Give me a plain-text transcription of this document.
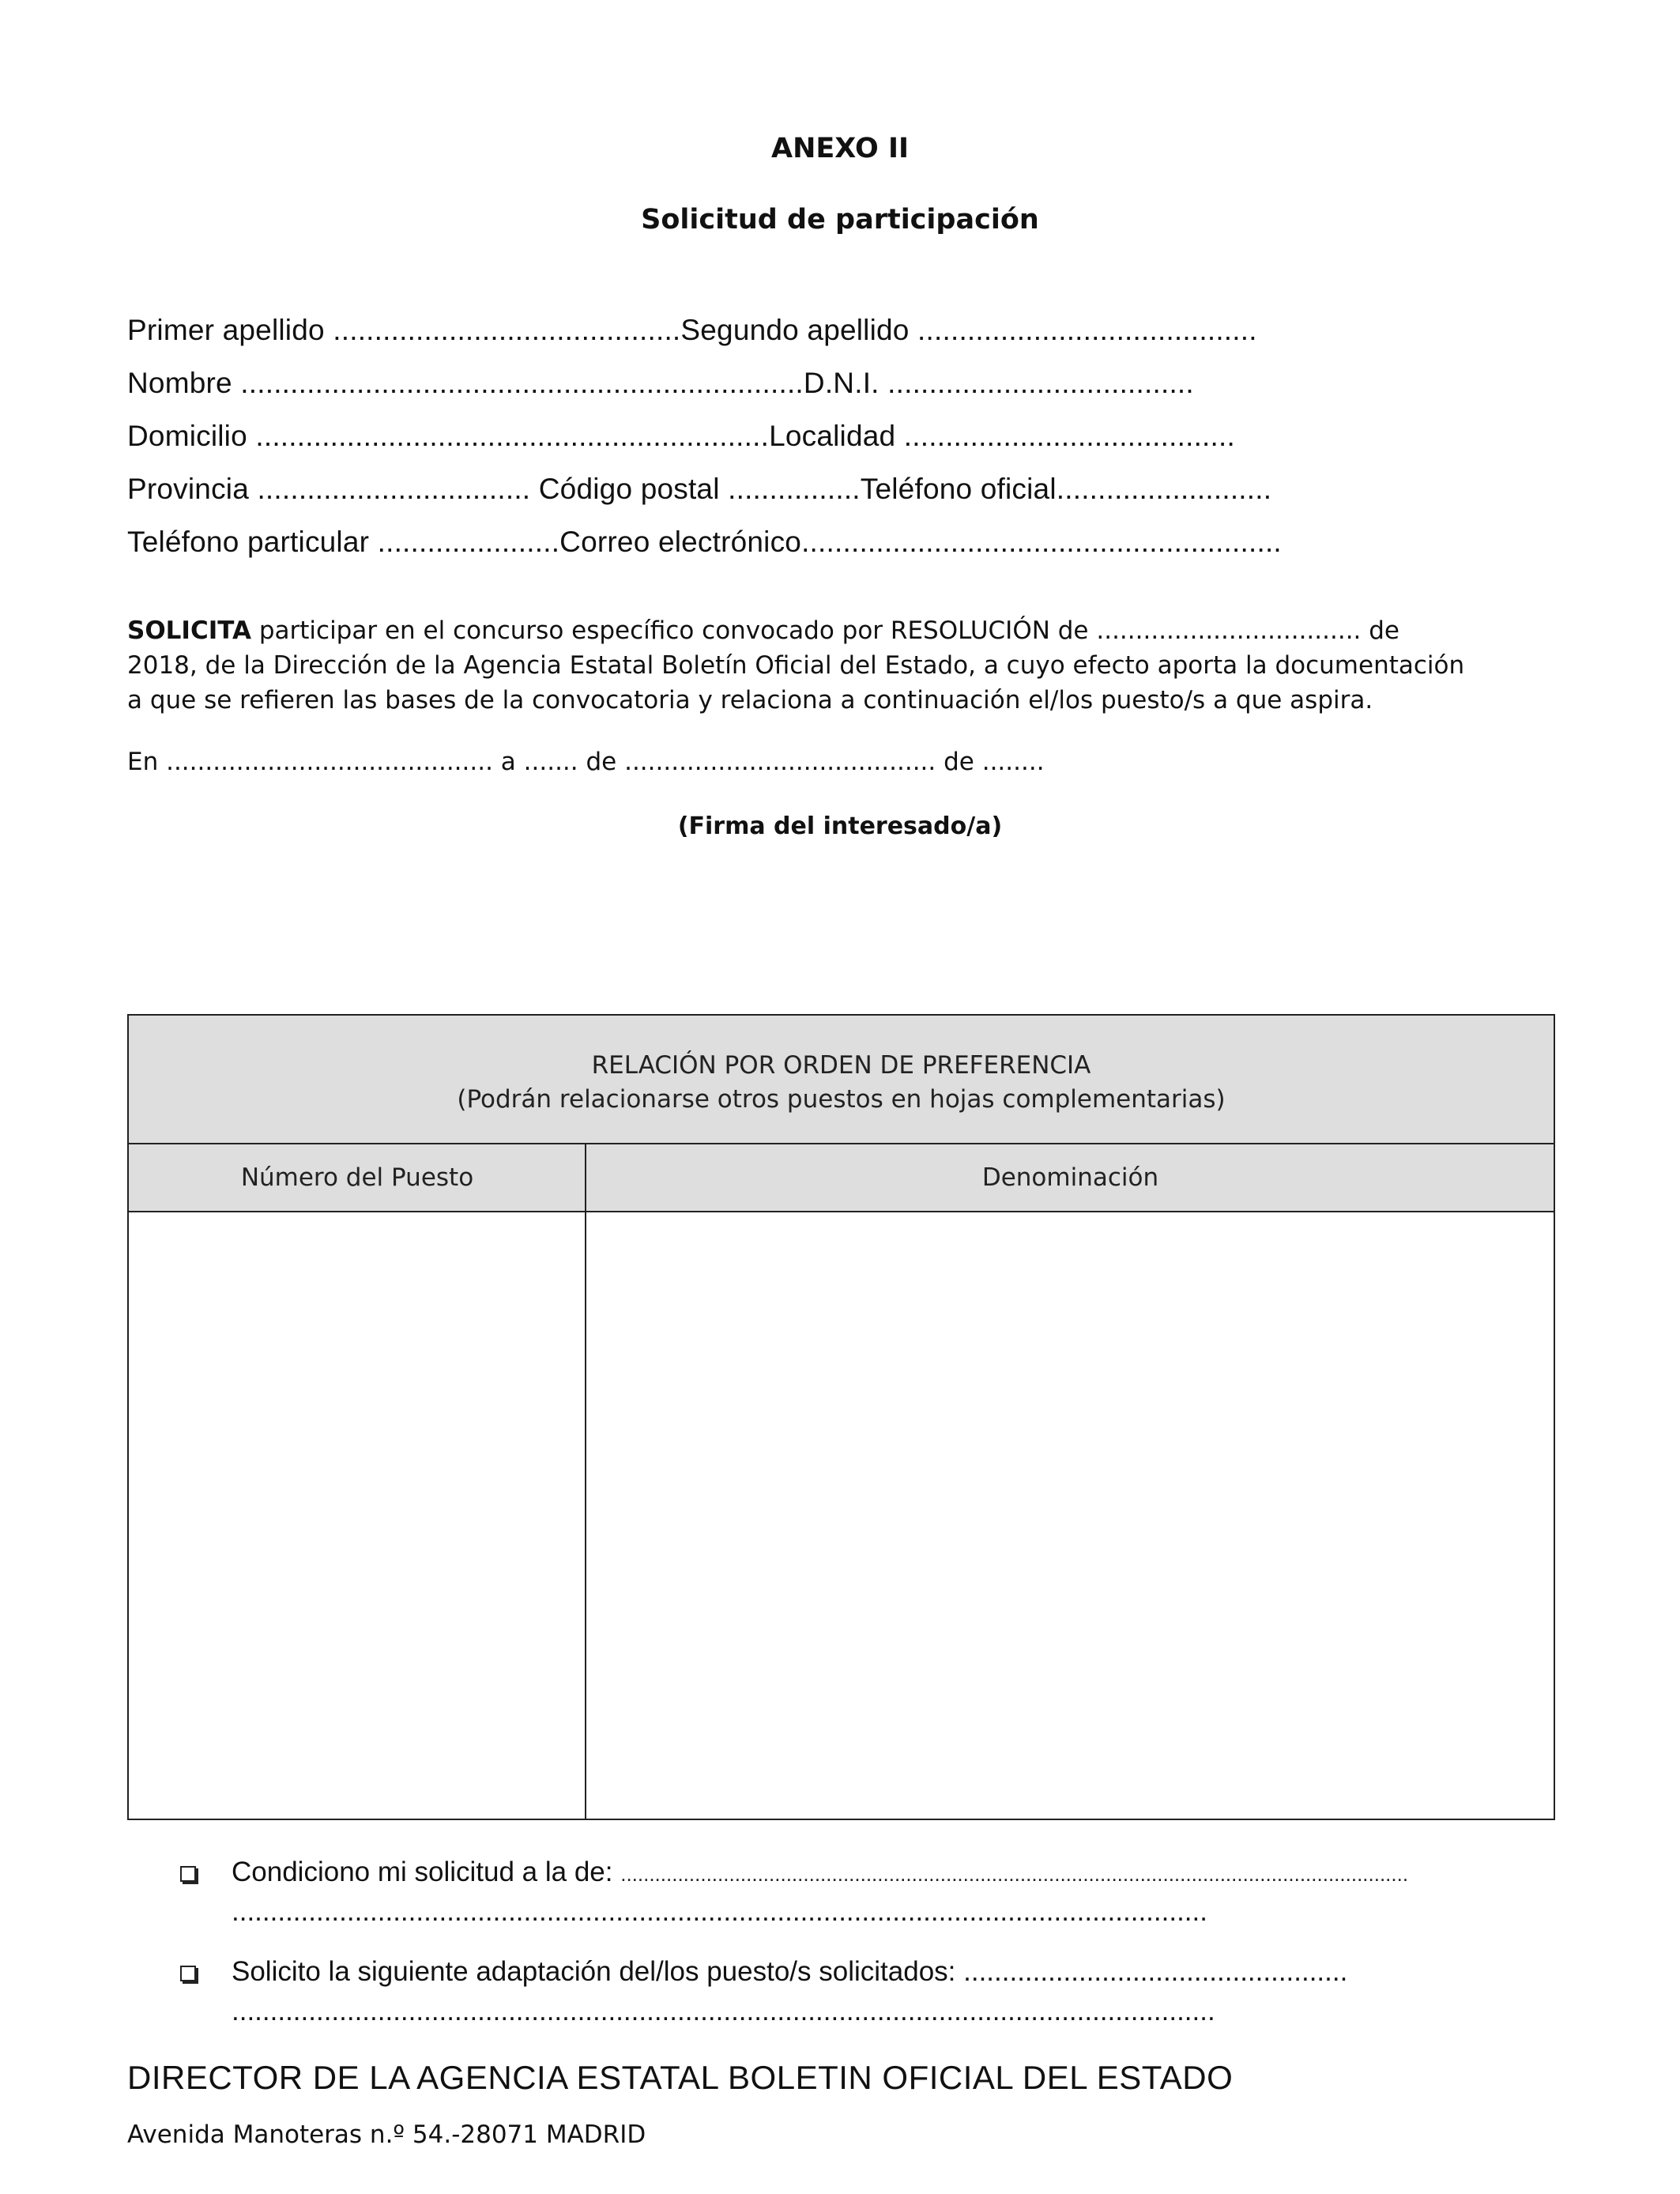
ANEXO II
Solicitud de participación
Primer apellido ..........................................Segundo apellido .........................................
Nombre ....................................................................D.N.I. .....................................
Domicilio ..............................................................Localidad ........................................
Provincia ................................. Código postal ................Teléfono oficial..........................
Teléfono particular ......................Correo electrónico..........................................................
SOLICITA participar en el concurso específico convocado por RESOLUCIÓN de .................................. de
2018, de la Dirección de la Agencia Estatal Boletín Oficial del Estado, a cuyo efecto aporta la documentación
a que se refieren las bases de la convocatoria y relaciona a continuación el/los puesto/s a que aspira.
En .......................................... a ....... de ........................................ de ........
(Firma del interesado/a)
RELACIÓN POR ORDEN DE PREFERENCIA
(Podrán relacionarse otros puestos en hojas complementarias)
Número del Puesto	Denominación
Condiciono mi solicitud a la de: ..........................................................................................................................................
...............................................................................................................................
Solicito la siguiente adaptación del/los puesto/s solicitados: ..................................................
................................................................................................................................
DIRECTOR DE LA AGENCIA ESTATAL BOLETIN OFICIAL DEL ESTADO
Avenida Manoteras n.º 54.-28071 MADRID
